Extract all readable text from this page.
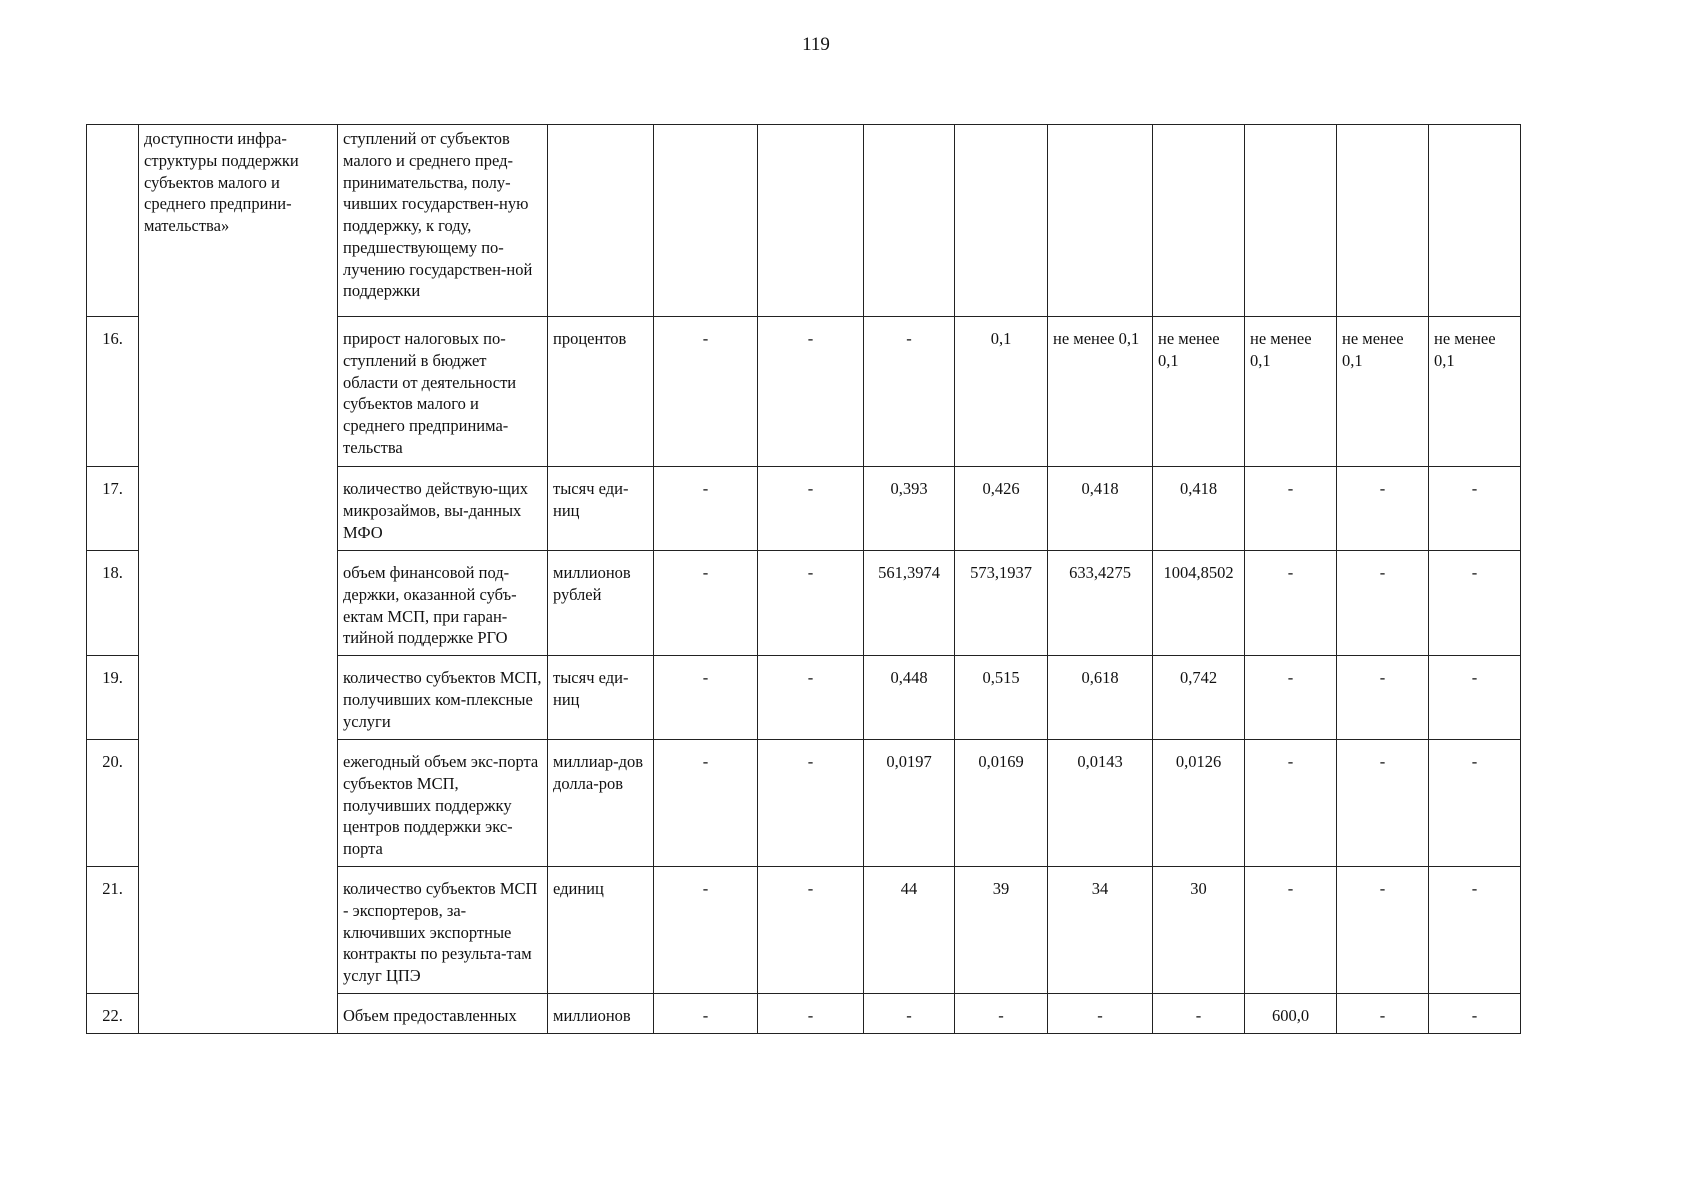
119
	доступности инфра-структуры поддержки субъектов малого и среднего предприни-мательства»	ступлений от субъектов малого и среднего пред-принимательства, полу-чивших государствен-ную поддержку, к году, предшествующему по-лучению государствен-ной поддержки										
16.		прирост налоговых по-ступлений в бюджет области от деятельности субъектов малого и среднего предпринима-тельства	процентов	-	-	-	0,1	не менее 0,1	не менее 0,1	не менее 0,1	не менее 0,1	не менее 0,1
17.		количество действую-щих микрозаймов, вы-данных МФО	тысяч еди-ниц	-	-	0,393	0,426	0,418	0,418	-	-	-
18.		объем финансовой под-держки, оказанной субъ-ектам МСП, при гаран-тийной поддержке РГО	миллионов рублей	-	-	561,3974	573,1937	633,4275	1004,8502	-	-	-
19.		количество субъектов МСП, получивших ком-плексные услуги	тысяч еди-ниц	-	-	0,448	0,515	0,618	0,742	-	-	-
20.		ежегодный объем экс-порта субъектов МСП, получивших поддержку центров поддержки экс-порта	миллиар-дов долла-ров	-	-	0,0197	0,0169	0,0143	0,0126	-	-	-
21.		количество субъектов МСП - экспортеров, за-ключивших экспортные контракты по результа-там услуг ЦПЭ	единиц	-	-	44	39	34	30	-	-	-
22.		Объем предоставленных	миллионов	-	-	-	-	-	-	600,0	-	-
